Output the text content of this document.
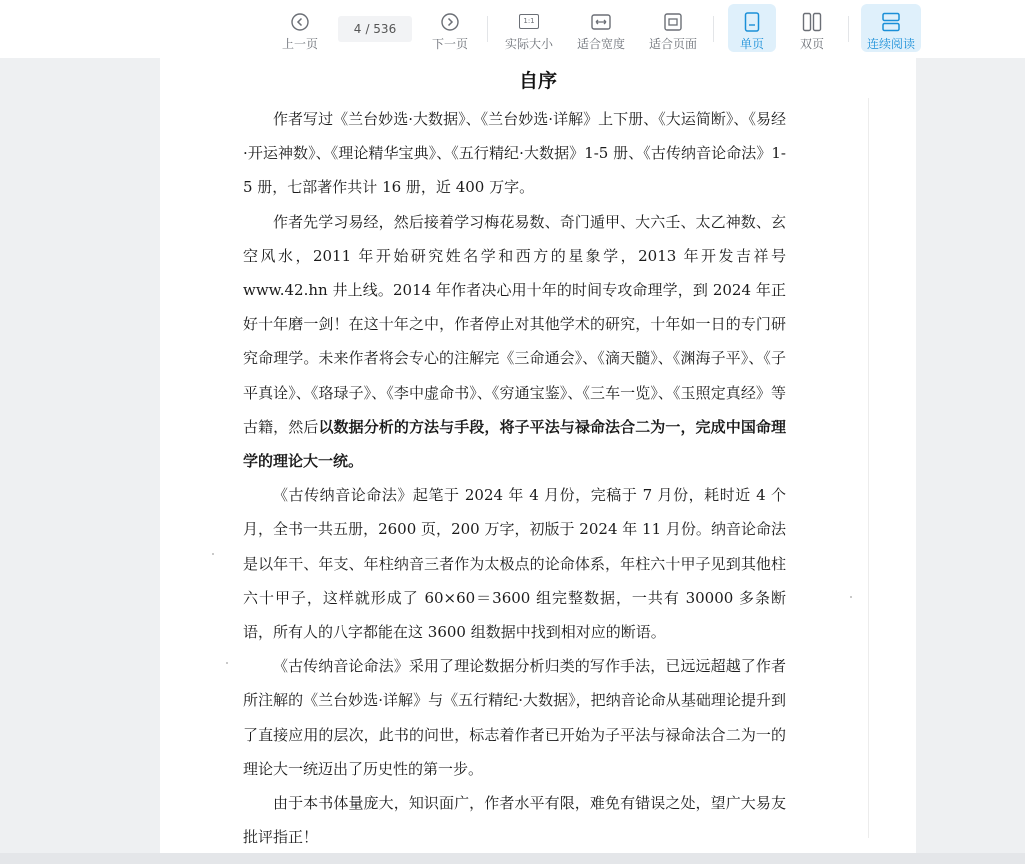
上一页
4 / 536
下一页
1:1
实际大小 适合宽度 适合页面	单页	双页	连续阅读
自序

作者写过《兰台妙选·大数据》、《兰台妙选·详解》上下册、《大运简断》、《易经·开运神数》、《理论精华宝典》、《五行精纪·大数据》1-5 册、《古传纳音论命法》1-5 册，七部著作共计 16 册，近 400 万字。

作者先学习易经，然后接着学习梅花易数、奇门遁甲、大六壬、太乙神数、玄空风水，2011 年开始研究姓名学和西方的星象学，2013 年开发吉祥号 www.42.hn 井上线。2014 年作者决心用十年的时间专攻命理学，到 2024 年正好十年磨一剑！在这十年之中，作者停止对其他学术的研究，十年如一日的专门研究命理学。未来作者将会专心的注解完《三命通会》、《滴天髓》、《渊海子平》、《子平真诠》、《珞琭子》、《李中虚命书》、《穷通宝鉴》、《三车一览》、《玉照定真经》等古籍，然后以数据分析的方法与手段，将子平法与禄命法合二为一，完成中国命理学的理论大一统。

《古传纳音论命法》起笔于 2024 年 4 月份，完稿于 7 月份，耗时近 4 个月，全书一共五册，2600 页，200 万字，初版于 2024 年 11 月份。纳音论命法是以年干、年支、年柱纳音三者作为太极点的论命体系，年柱六十甲子见到其他柱六十甲子，这样就形成了 60×60＝3600 组完整数据，一共有 30000 多条断语，所有人的八字都能在这 3600 组数据中找到相对应的断语。

《古传纳音论命法》采用了理论数据分析归类的写作手法，已远远超越了作者所注解的《兰台妙选·详解》与《五行精纪·大数据》，把纳音论命从基础理论提升到了直接应用的层次，此书的问世，标志着作者已开始为子平法与禄命法合二为一的理论大一统迈出了历史性的第一步。

由于本书体量庞大，知识面广，作者水平有限，难免有错误之处，望广大易友批评指正！
